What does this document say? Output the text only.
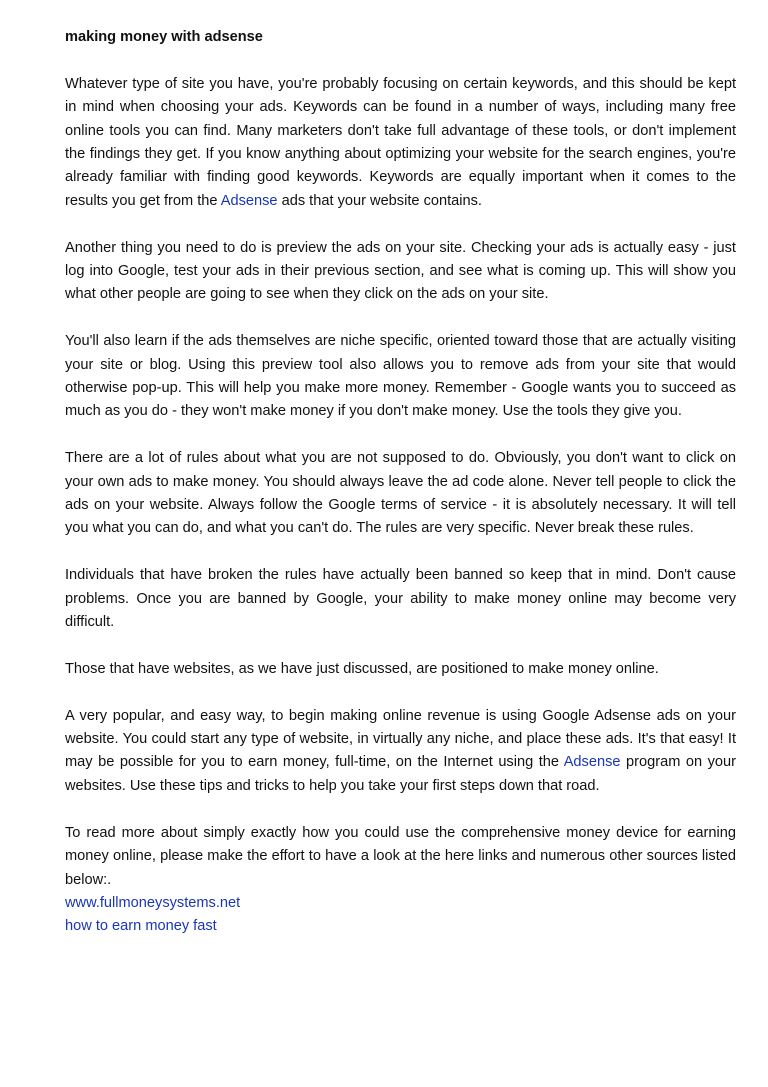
making money with adsense

Whatever type of site you have, you're probably focusing on certain keywords, and this should be kept in mind when choosing your ads. Keywords can be found in a number of ways, including many free online tools you can find. Many marketers don't take full advantage of these tools, or don't implement the findings they get. If you know anything about optimizing your website for the search engines, you're already familiar with finding good keywords. Keywords are equally important when it comes to the results you get from the Adsense ads that your website contains.

Another thing you need to do is preview the ads on your site. Checking your ads is actually easy - just log into Google, test your ads in their previous section, and see what is coming up. This will show you what other people are going to see when they click on the ads on your site.

You'll also learn if the ads themselves are niche specific, oriented toward those that are actually visiting your site or blog. Using this preview tool also allows you to remove ads from your site that would otherwise pop-up. This will help you make more money. Remember - Google wants you to succeed as much as you do - they won't make money if you don't make money. Use the tools they give you.

There are a lot of rules about what you are not supposed to do. Obviously, you don't want to click on your own ads to make money. You should always leave the ad code alone. Never tell people to click the ads on your website. Always follow the Google terms of service - it is absolutely necessary. It will tell you what you can do, and what you can't do. The rules are very specific. Never break these rules.

Individuals that have broken the rules have actually been banned so keep that in mind. Don't cause problems. Once you are banned by Google, your ability to make money online may become very difficult.

Those that have websites, as we have just discussed, are positioned to make money online.

A very popular, and easy way, to begin making online revenue is using Google Adsense ads on your website. You could start any type of website, in virtually any niche, and place these ads. It's that easy! It may be possible for you to earn money, full-time, on the Internet using the Adsense program on your websites. Use these tips and tricks to help you take your first steps down that road.

To read more about simply exactly how you could use the comprehensive money device for earning money online, please make the effort to have a look at the here links and numerous other sources listed below:.
www.fullmoneysystems.net
how to earn money fast
